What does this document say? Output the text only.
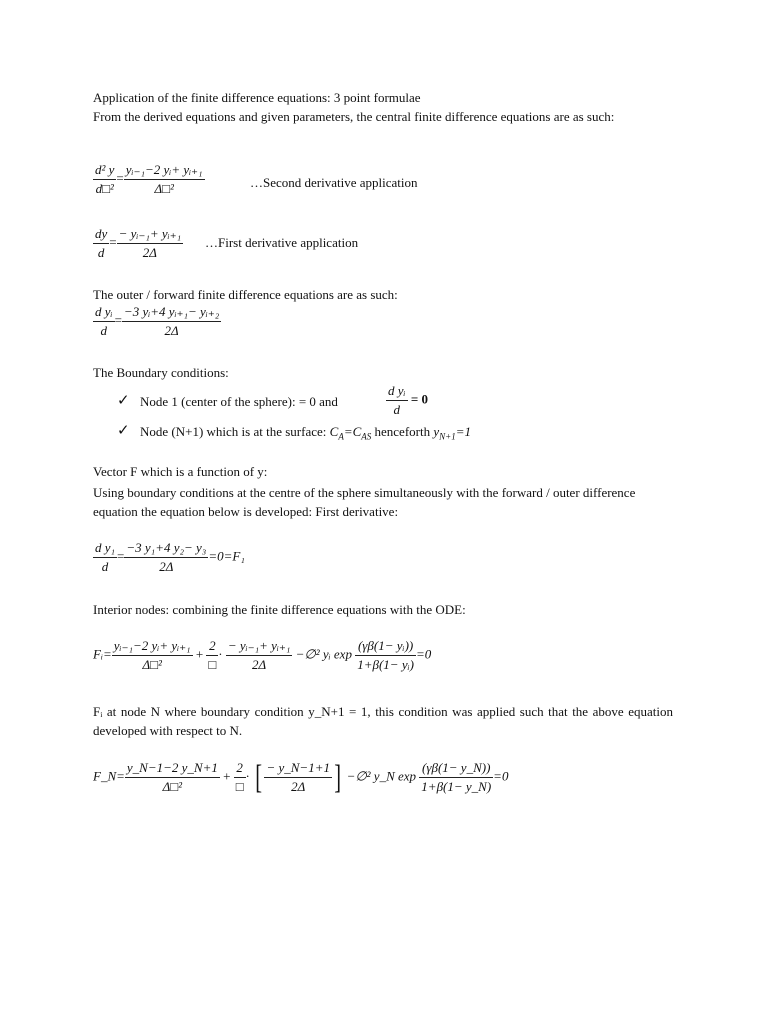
Application of the finite difference equations: 3 point formulae
From the derived equations and given parameters, the central finite difference equations are as such:
$\frac{\text{d² y}}{\text{d□²}} = \frac{\text{yᵢ₋₁−2 yᵢ+ yᵢ₊₁}}{\text{Δ□²}}$	…Second derivative application
$\frac{dy}{d} = \frac{\text{− yᵢ₋₁+ yᵢ₊₁}}{2\Delta}$ …First derivative application
The outer / forward finite difference equations are as such:
$\frac{\text{d yᵢ}}{d} = \frac{\text{−3 yᵢ+4 yᵢ₊₁− yᵢ₊₂}}{2\Delta}$
The Boundary conditions:
✓ Node 1 (center of the sphere): = 0 and	$\frac{\text{d yᵢ}}{d} = 0$
✓ Node (N+1) which is at the surface: $C_A=C_{AS}$ henceforth $y_{N+1}=1$
Vector F which is a function of y:
Using boundary conditions at the centre of the sphere simultaneously with the forward / outer difference equation the equation below is developed: First derivative:
$\frac{\text{d y₁}}{d} = \frac{\text{−3 y₁+4 y₂− y₃}}{2\Delta} =0=F_1$
Interior nodes: combining the finite difference equations with the ODE:
Fᵢ= $\frac{\text{yᵢ₋₁−2 yᵢ+ yᵢ₊₁}}{\text{Δ□²}} + \frac{2}{□} \cdot \frac{\text{− yᵢ₋₁+ yᵢ₊₁}}{2\Delta}$ −∅² yᵢ $\exp \frac{\text{(γβ(1− yᵢ))}}{\text{1+β(1− yᵢ)}} =0$
Fᵢ at node N where boundary condition y_N+1 = 1, this condition was applied such that the above equation developed with respect to N.
F_N= $\frac{y\_N-1-2 y\_N+1}{\text{Δ□²}} + \frac{2}{□}$ · [ $\frac{- y\_N-1+1}{2\Delta}$ ] −∅² y_N $\exp \frac{(\gamma\beta(1- y\_N))}{1+\beta(1- y\_N)} =0$
